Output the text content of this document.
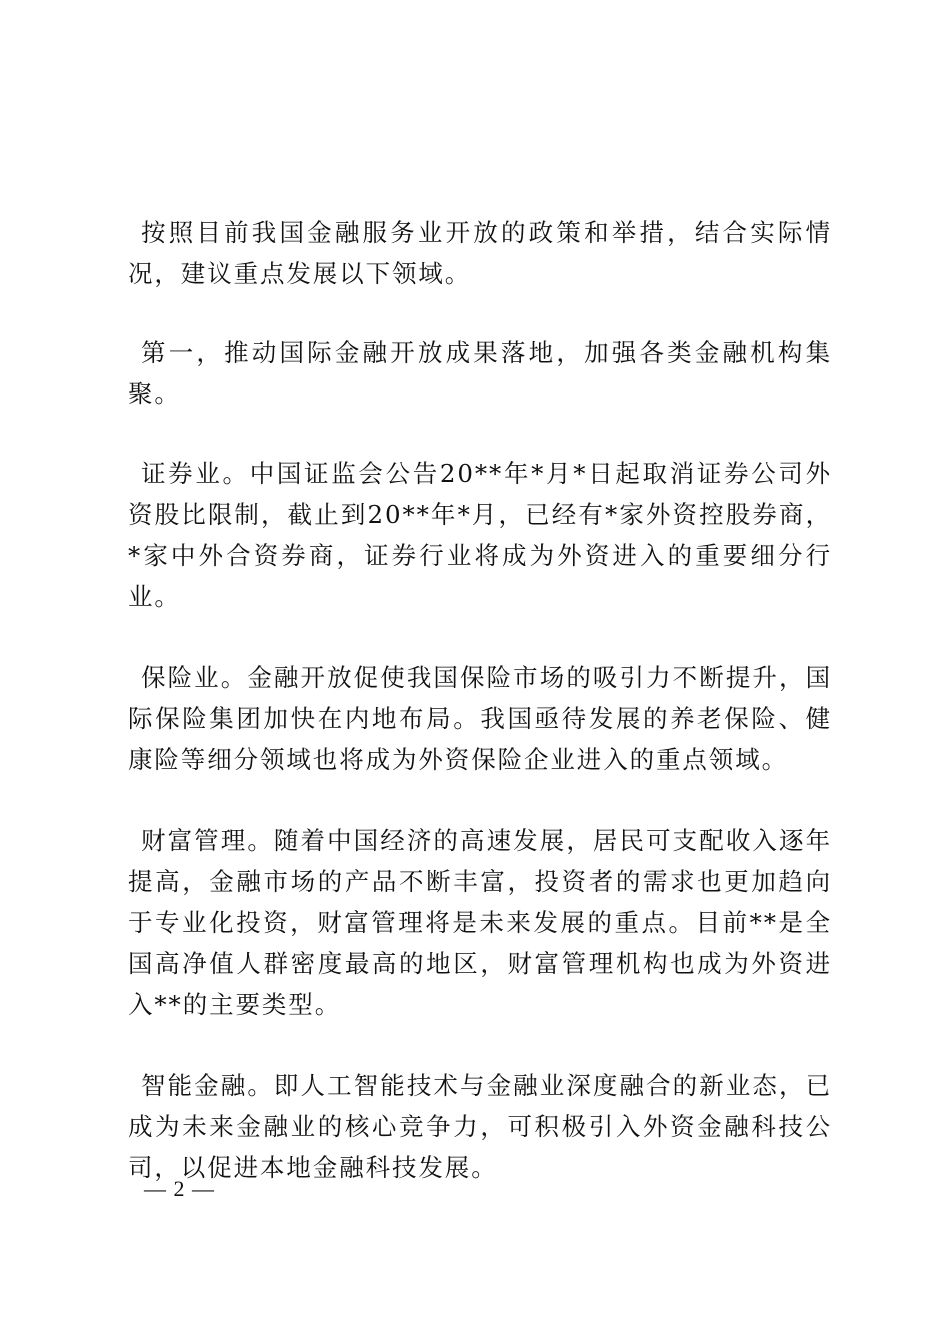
按照目前我国金融服务业开放的政策和举措，结合实际情况，建议重点发展以下领域。

第一，推动国际金融开放成果落地，加强各类金融机构集聚。

证券业。中国证监会公告20**年*月*日起取消证券公司外资股比限制，截止到20**年*月，已经有*家外资控股券商，*家中外合资券商，证券行业将成为外资进入的重要细分行业。

保险业。金融开放促使我国保险市场的吸引力不断提升，国际保险集团加快在内地布局。我国亟待发展的养老保险、健康险等细分领域也将成为外资保险企业进入的重点领域。

财富管理。随着中国经济的高速发展，居民可支配收入逐年提高，金融市场的产品不断丰富，投资者的需求也更加趋向于专业化投资，财富管理将是未来发展的重点。目前**是全国高净值人群密度最高的地区，财富管理机构也成为外资进入**的主要类型。

智能金融。即人工智能技术与金融业深度融合的新业态，已成为未来金融业的核心竞争力，可积极引入外资金融科技公司，以促进本地金融科技发展。

— 2 —
